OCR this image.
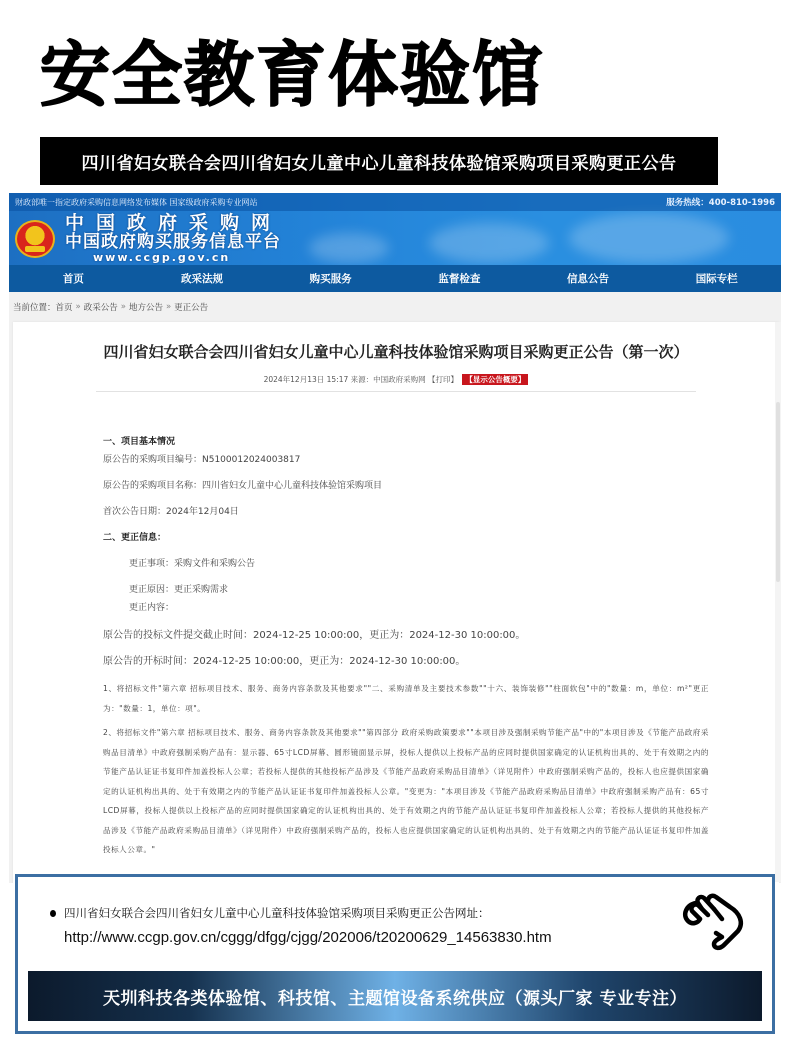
安全教育体验馆
四川省妇女联合会四川省妇女儿童中心儿童科技体验馆采购项目采购更正公告
财政部唯一指定政府采购信息网络发布媒体 国家级政府采购专业网站	服务热线：400-810-1996
中国政府采购网
中国政府购买服务信息平台
www.ccgp.gov.cn
首页	政采法规	购买服务	监督检查	信息公告	国际专栏
当前位置： 首页 » 政采公告 » 地方公告 » 更正公告
四川省妇女联合会四川省妇女儿童中心儿童科技体验馆采购项目采购更正公告（第一次）
2024年12月13日 15:17 来源：中国政府采购网 【打印】 【显示公告概要】
一、项目基本情况
原公告的采购项目编号：N5100012024003817
原公告的采购项目名称：四川省妇女儿童中心儿童科技体验馆采购项目
首次公告日期：2024年12月04日
二、更正信息：
更正事项：采购文件和采购公告
更正原因：更正采购需求
更正内容：
原公告的投标文件提交截止时间：2024-12-25 10:00:00，更正为：2024-12-30 10:00:00。
原公告的开标时间：2024-12-25 10:00:00，更正为：2024-12-30 10:00:00。
1、将招标文件"第六章 招标项目技术、服务、商务内容条款及其他要求""二、采购清单及主要技术参数""十六、装饰装修""柱面软包"中的"数量：m，单位：m²"更正为："数量：1，单位：项"。
2、将招标文件"第六章 招标项目技术、服务、商务内容条款及其他要求""第四部分 政府采购政策要求""本项目涉及强制采购节能产品"中的"本项目涉及《节能产品政府采购品目清单》中政府强制采购产品有：显示器、65寸LCD屏幕、圆形镜面显示屏，投标人提供以上投标产品的应同时提供国家确定的认证机构出具的、处于有效期之内的节能产品认证证书复印件加盖投标人公章；若投标人提供的其他投标产品涉及《节能产品政府采购品目清单》（详见附件）中政府强制采购产品的，投标人也应提供国家确定的认证机构出具的、处于有效期之内的节能产品认证证书复印件加盖投标人公章。"变更为："本项目涉及《节能产品政府采购品目清单》中政府强制采购产品有：65寸LCD屏幕，投标人提供以上投标产品的应同时提供国家确定的认证机构出具的、处于有效期之内的节能产品认证证书复印件加盖投标人公章；若投标人提供的其他投标产品涉及《节能产品政府采购品目清单》（详见附件）中政府强制采购产品的，投标人也应提供国家确定的认证机构出具的、处于有效期之内的节能产品认证证书复印件加盖投标人公章。"
四川省妇女联合会四川省妇女儿童中心儿童科技体验馆采购项目采购更正公告网址：
http://www.ccgp.gov.cn/cggg/dfgg/cjgg/202006/t20200629_14563830.htm
天圳科技各类体验馆、科技馆、主题馆设备系统供应（源头厂家 专业专注）
